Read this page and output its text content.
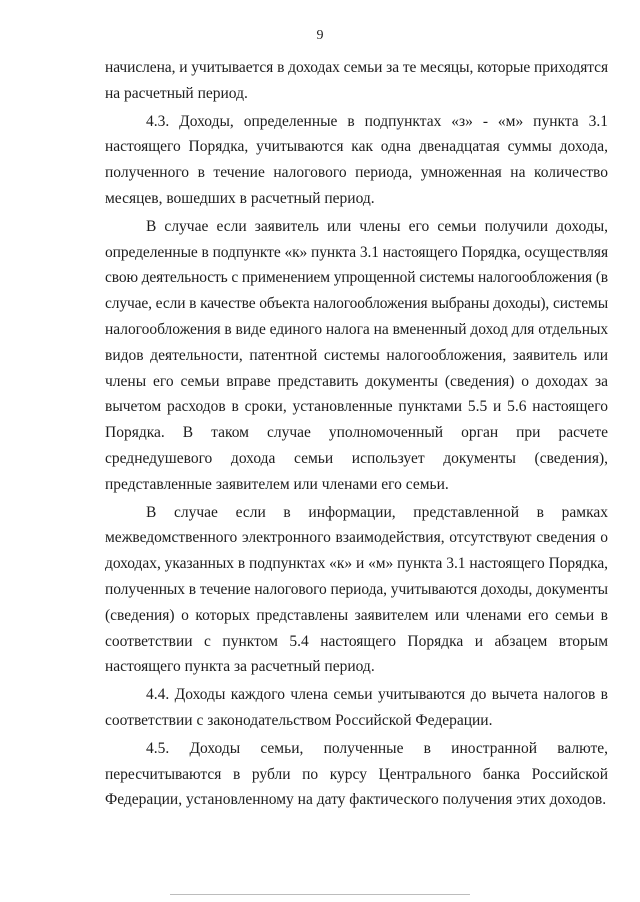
9
начислена, и учитывается в доходах семьи за те месяцы, которые приходятся
на расчетный период.
4.3. Доходы, определенные в подпунктах «з» - «м» пункта 3.1
настоящего Порядка, учитываются как одна двенадцатая суммы дохода,
полученного в течение налогового периода, умноженная на количество
месяцев, вошедших в расчетный период.
В случае если заявитель или члены его семьи получили доходы,
определенные в подпункте «к» пункта 3.1 настоящего Порядка, осуществляя
свою деятельность с применением упрощенной системы налогообложения (в
случае, если в качестве объекта налогообложения выбраны доходы), системы
налогообложения в виде единого налога на вмененный доход для отдельных
видов деятельности, патентной системы налогообложения, заявитель или
члены его семьи вправе представить документы (сведения) о доходах за
вычетом расходов в сроки, установленные пунктами 5.5 и 5.6 настоящего
Порядка. В таком случае уполномоченный орган при расчете
среднедушевого дохода семьи использует документы (сведения),
представленные заявителем или членами его семьи.
В случае если в информации, представленной в рамках
межведомственного электронного взаимодействия, отсутствуют сведения о
доходах, указанных в подпунктах «к» и «м» пункта 3.1 настоящего Порядка,
полученных в течение налогового периода, учитываются доходы, документы
(сведения) о которых представлены заявителем или членами его семьи в
соответствии с пунктом 5.4 настоящего Порядка и абзацем вторым
настоящего пункта за расчетный период.
4.4. Доходы каждого члена семьи учитываются до вычета налогов в
соответствии с законодательством Российской Федерации.
4.5. Доходы семьи, полученные в иностранной валюте,
пересчитываются в рубли по курсу Центрального банка Российской
Федерации, установленному на дату фактического получения этих доходов.
